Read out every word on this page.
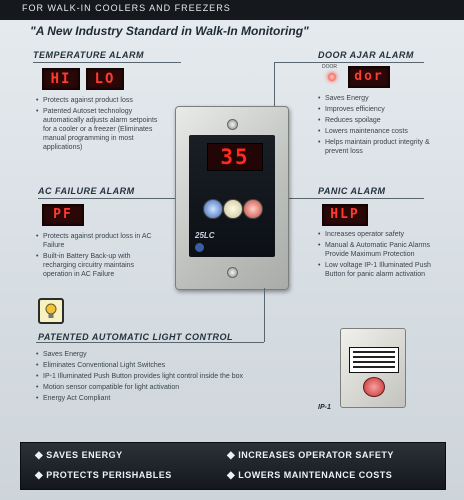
FOR WALK-IN COOLERS AND FREEZERS
"A New Industry Standard in Walk-In Monitoring"
TEMPERATURE ALARM
HI	LO
• Protects against product loss
• Patented Autoset technology automatically adjusts alarm setpoints for a cooler or a freezer (Eliminates manual programming in most applications)
DOOR AJAR ALARM
DOOR
dor
• Saves Energy
• Improves efficiency
• Reduces spoilage
• Lowers maintenance costs
• Helps maintain product integrity & prevent loss
AC FAILURE ALARM
PF
• Protects against product loss in AC Failure
• Built-in Battery Back-up with recharging circuitry maintains operation in AC Failure
PANIC ALARM
HLP
• Increases operator safety
• Manual & Automatic Panic Alarms Provide Maximum Protection
• Low voltage IP-1 Illuminated Push Button for panic alarm activation
35
25LC
PATENTED AUTOMATIC LIGHT CONTROL
• Saves Energy
• Eliminates Conventional Light Switches
• IP-1 Illuminated Push Button provides light control inside the box
• Motion sensor compatible for light activation
• Energy Act Compliant
IP-1
◆ SAVES ENERGY	◆ INCREASES OPERATOR SAFETY
◆ PROTECTS PERISHABLES	◆ LOWERS MAINTENANCE COSTS
